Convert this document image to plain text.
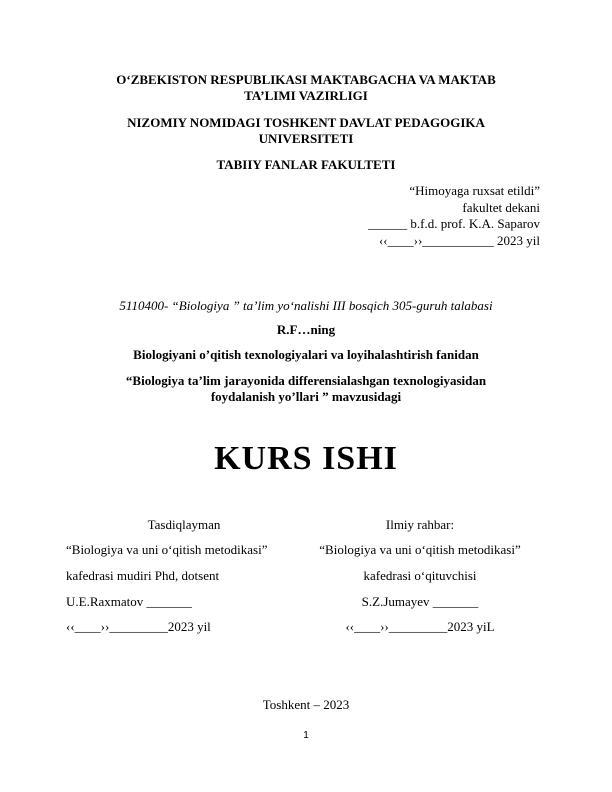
O‘ZBEKISTON RESPUBLIKASI MAKTABGACHA VA MAKTAB
TA’LIMI VAZIRLIGI
NIZOMIY NOMIDAGI TOSHKENT DAVLAT PEDAGOGIKA
UNIVERSITETI
TABIIY FANLAR FAKULTETI
“Himoyaga ruxsat etildi”
fakultet dekani
______ b.f.d. prof. K.A. Saparov
‹‹____››___________ 2023 yil
5110400- “Biologiya ” ta’lim yo‘nalishi III bosqich 305-guruh talabasi
R.F…ning
Biologiyani o’qitish texnologiyalari va loyihalashtirish fanidan
“Biologiya ta’lim jarayonida differensialashgan texnologiyasidan
foydalanish yo’llari ” mavzusidagi
KURS ISHI
Tasdiqlayman
“Biologiya va uni o‘qitish metodikasi”
kafedrasi mudiri Phd, dotsent
U.E.Raxmatov _______
‹‹____››_________2023 yil
Ilmiy rahbar:
“Biologiya va uni o‘qitish metodikasi”
kafedrasi o‘qituvchisi
S.Z.Jumayev _______
‹‹____››_________2023 yiL
Toshkent – 2023
1
